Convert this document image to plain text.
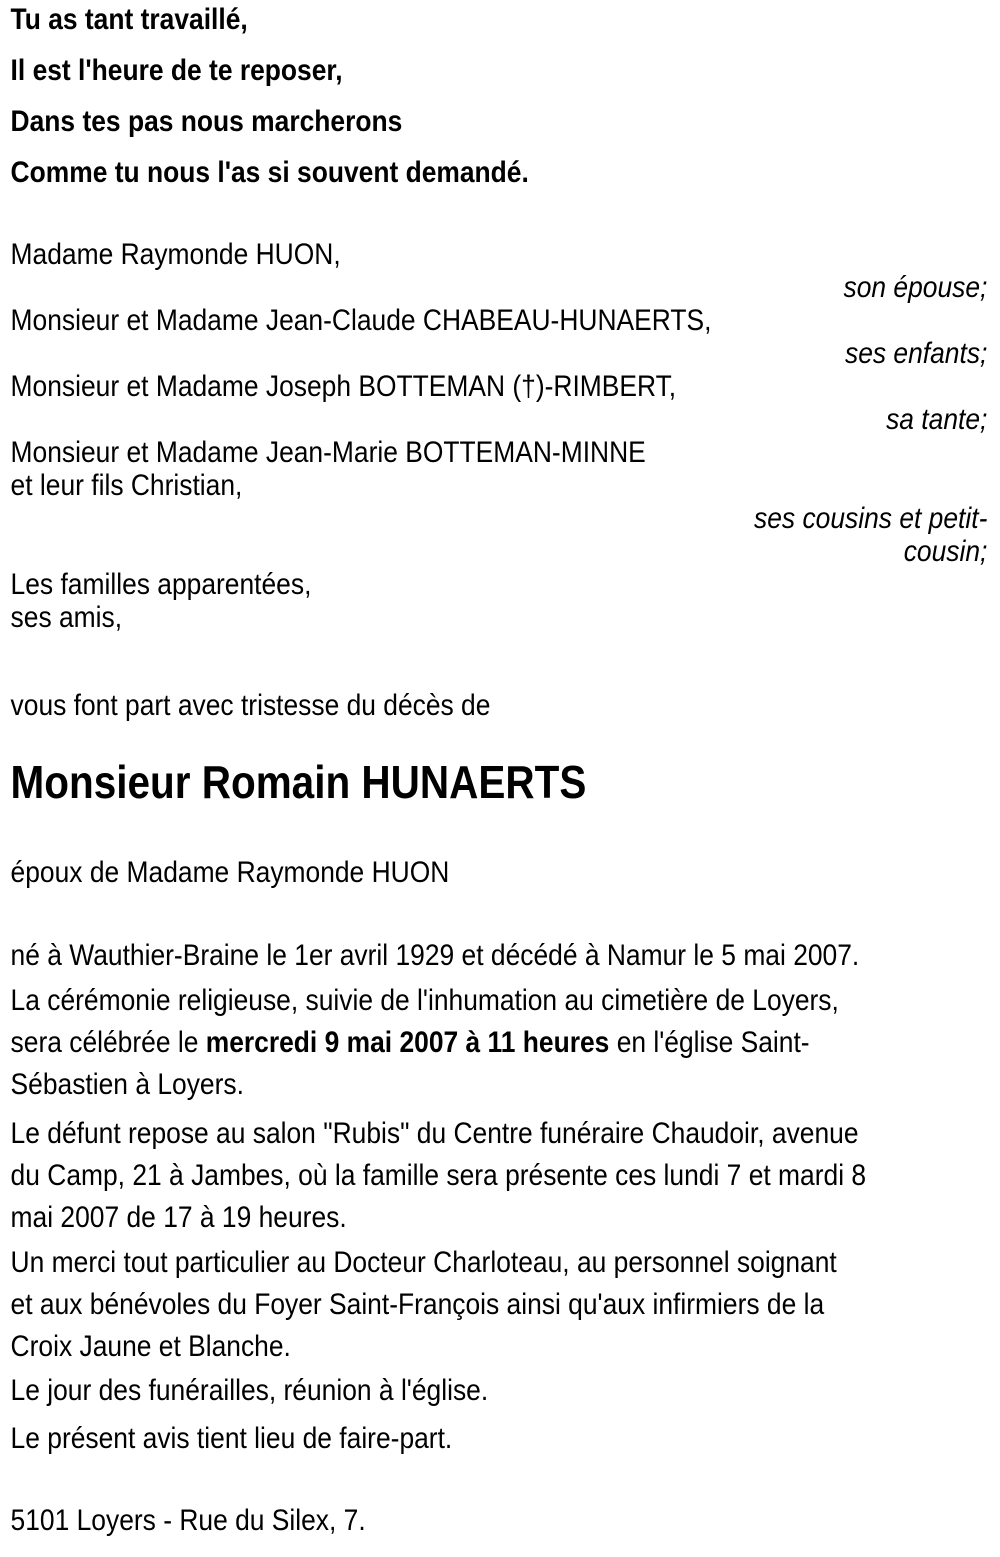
Tu as tant travaillé,
Il est l'heure de te reposer,
Dans tes pas nous marcherons
Comme tu nous l'as si souvent demandé.
Madame Raymonde HUON,
son épouse;
Monsieur et Madame Jean-Claude CHABEAU-HUNAERTS,
ses enfants;
Monsieur et Madame Joseph BOTTEMAN (†)-RIMBERT,
sa tante;
Monsieur et Madame Jean-Marie BOTTEMAN-MINNE
et leur fils Christian,
ses cousins et petit-
cousin;
Les familles apparentées,
ses amis,
vous font part avec tristesse du décès de
Monsieur Romain HUNAERTS
époux de Madame Raymonde HUON
né à Wauthier-Braine le 1er avril 1929 et décédé à Namur le 5 mai 2007.
La cérémonie religieuse, suivie de l'inhumation au cimetière de Loyers,
sera célébrée le mercredi 9 mai 2007 à 11 heures en l'église Saint-
Sébastien à Loyers.
Le défunt repose au salon "Rubis" du Centre funéraire Chaudoir, avenue
du Camp, 21 à Jambes, où la famille sera présente ces lundi 7 et mardi 8
mai 2007 de 17 à 19 heures.
Un merci tout particulier au Docteur Charloteau, au personnel soignant
et aux bénévoles du Foyer Saint-François ainsi qu'aux infirmiers de la
Croix Jaune et Blanche.
Le jour des funérailles, réunion à l'église.
Le présent avis tient lieu de faire-part.
5101 Loyers - Rue du Silex, 7.
